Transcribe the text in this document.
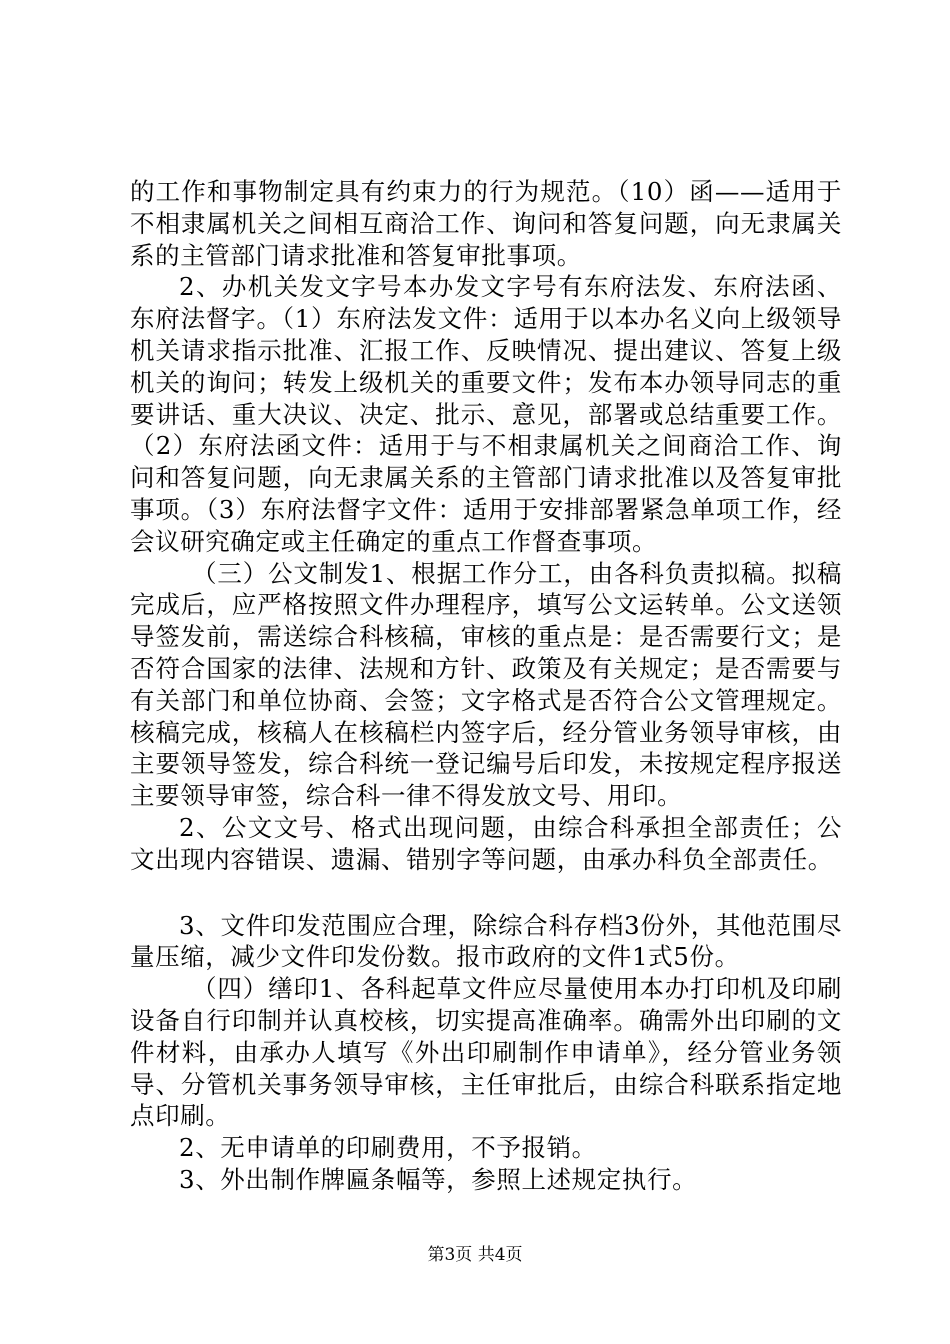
的工作和事物制定具有约束力的行为规范。（10）函——适用于不相隶属机关之间相互商洽工作、询问和答复问题，向无隶属关系的主管部门请求批准和答复审批事项。

2、办机关发文字号本办发文字号有东府法发、东府法函、东府法督字。（1）东府法发文件：适用于以本办名义向上级领导机关请求指示批准、汇报工作、反映情况、提出建议、答复上级机关的询问；转发上级机关的重要文件；发布本办领导同志的重要讲话、重大决议、决定、批示、意见，部署或总结重要工作。（2）东府法函文件：适用于与不相隶属机关之间商洽工作、询问和答复问题，向无隶属关系的主管部门请求批准以及答复审批事项。（3）东府法督字文件：适用于安排部署紧急单项工作，经会议研究确定或主任确定的重点工作督查事项。

（三）公文制发1、根据工作分工，由各科负责拟稿。拟稿完成后，应严格按照文件办理程序，填写公文运转单。公文送领导签发前，需送综合科核稿，审核的重点是：是否需要行文；是否符合国家的法律、法规和方针、政策及有关规定；是否需要与有关部门和单位协商、会签；文字格式是否符合公文管理规定。核稿完成，核稿人在核稿栏内签字后，经分管业务领导审核，由主要领导签发，综合科统一登记编号后印发，未按规定程序报送主要领导审签，综合科一律不得发放文号、用印。

2、公文文号、格式出现问题，由综合科承担全部责任；公文出现内容错误、遗漏、错别字等问题，由承办科负全部责任。

3、文件印发范围应合理，除综合科存档3份外，其他范围尽量压缩，减少文件印发份数。报市政府的文件1式5份。

（四）缮印1、各科起草文件应尽量使用本办打印机及印刷设备自行印制并认真校核，切实提高准确率。确需外出印刷的文件材料，由承办人填写《外出印刷制作申请单》，经分管业务领导、分管机关事务领导审核，主任审批后，由综合科联系指定地点印刷。

2、无申请单的印刷费用，不予报销。

3、外出制作牌匾条幅等，参照上述规定执行。

第3页 共4页
